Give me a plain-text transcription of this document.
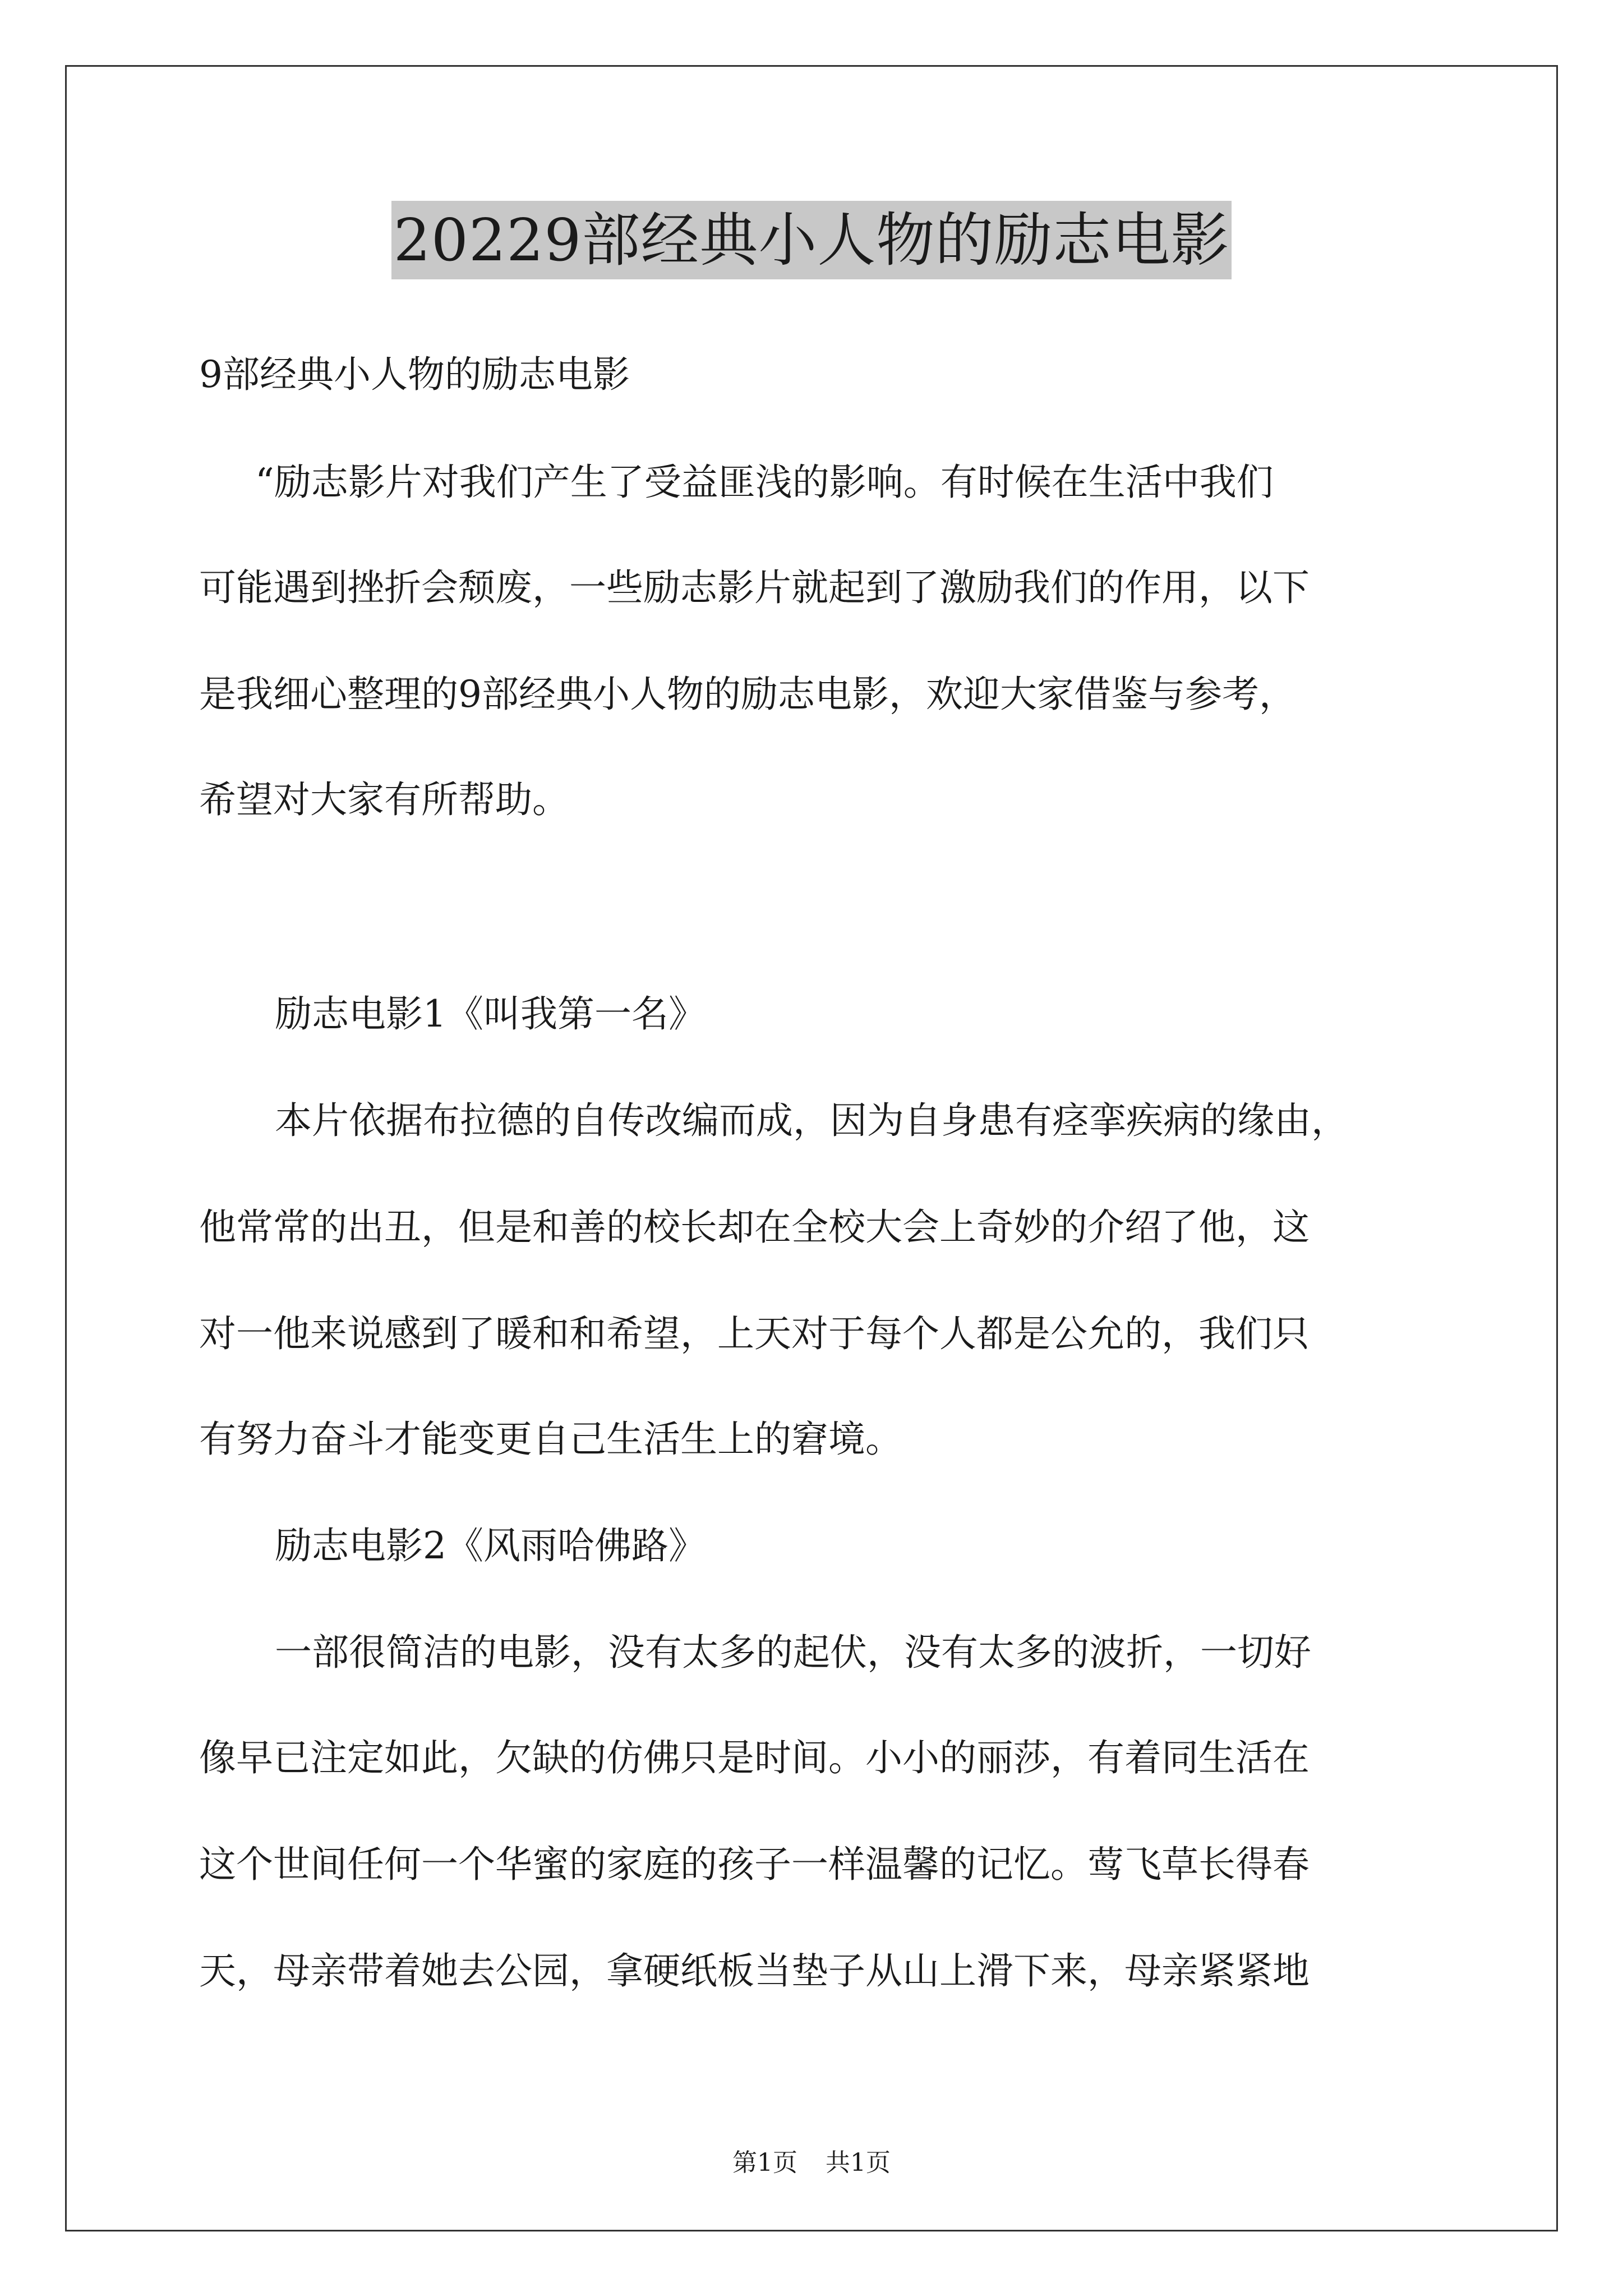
20229部经典小人物的励志电影
9部经典小人物的励志电影
“励志影片对我们产生了受益匪浅的影响。有时候在生活中我们
可能遇到挫折会颓废，一些励志影片就起到了激励我们的作用，以下
是我细心整理的9部经典小人物的励志电影，欢迎大家借鉴与参考，
希望对大家有所帮助。
励志电影1《叫我第一名》
本片依据布拉德的自传改编而成，因为自身患有痉挛疾病的缘由，
他常常的出丑，但是和善的校长却在全校大会上奇妙的介绍了他，这
对一他来说感到了暖和和希望，上天对于每个人都是公允的，我们只
有努力奋斗才能变更自己生活生上的窘境。
励志电影2《风雨哈佛路》
一部很简洁的电影，没有太多的起伏，没有太多的波折，一切好
像早已注定如此，欠缺的仿佛只是时间。小小的丽莎，有着同生活在
这个世间任何一个华蜜的家庭的孩子一样温馨的记忆。莺飞草长得春
天，母亲带着她去公园，拿硬纸板当垫子从山上滑下来，母亲紧紧地
第1页 共1页
